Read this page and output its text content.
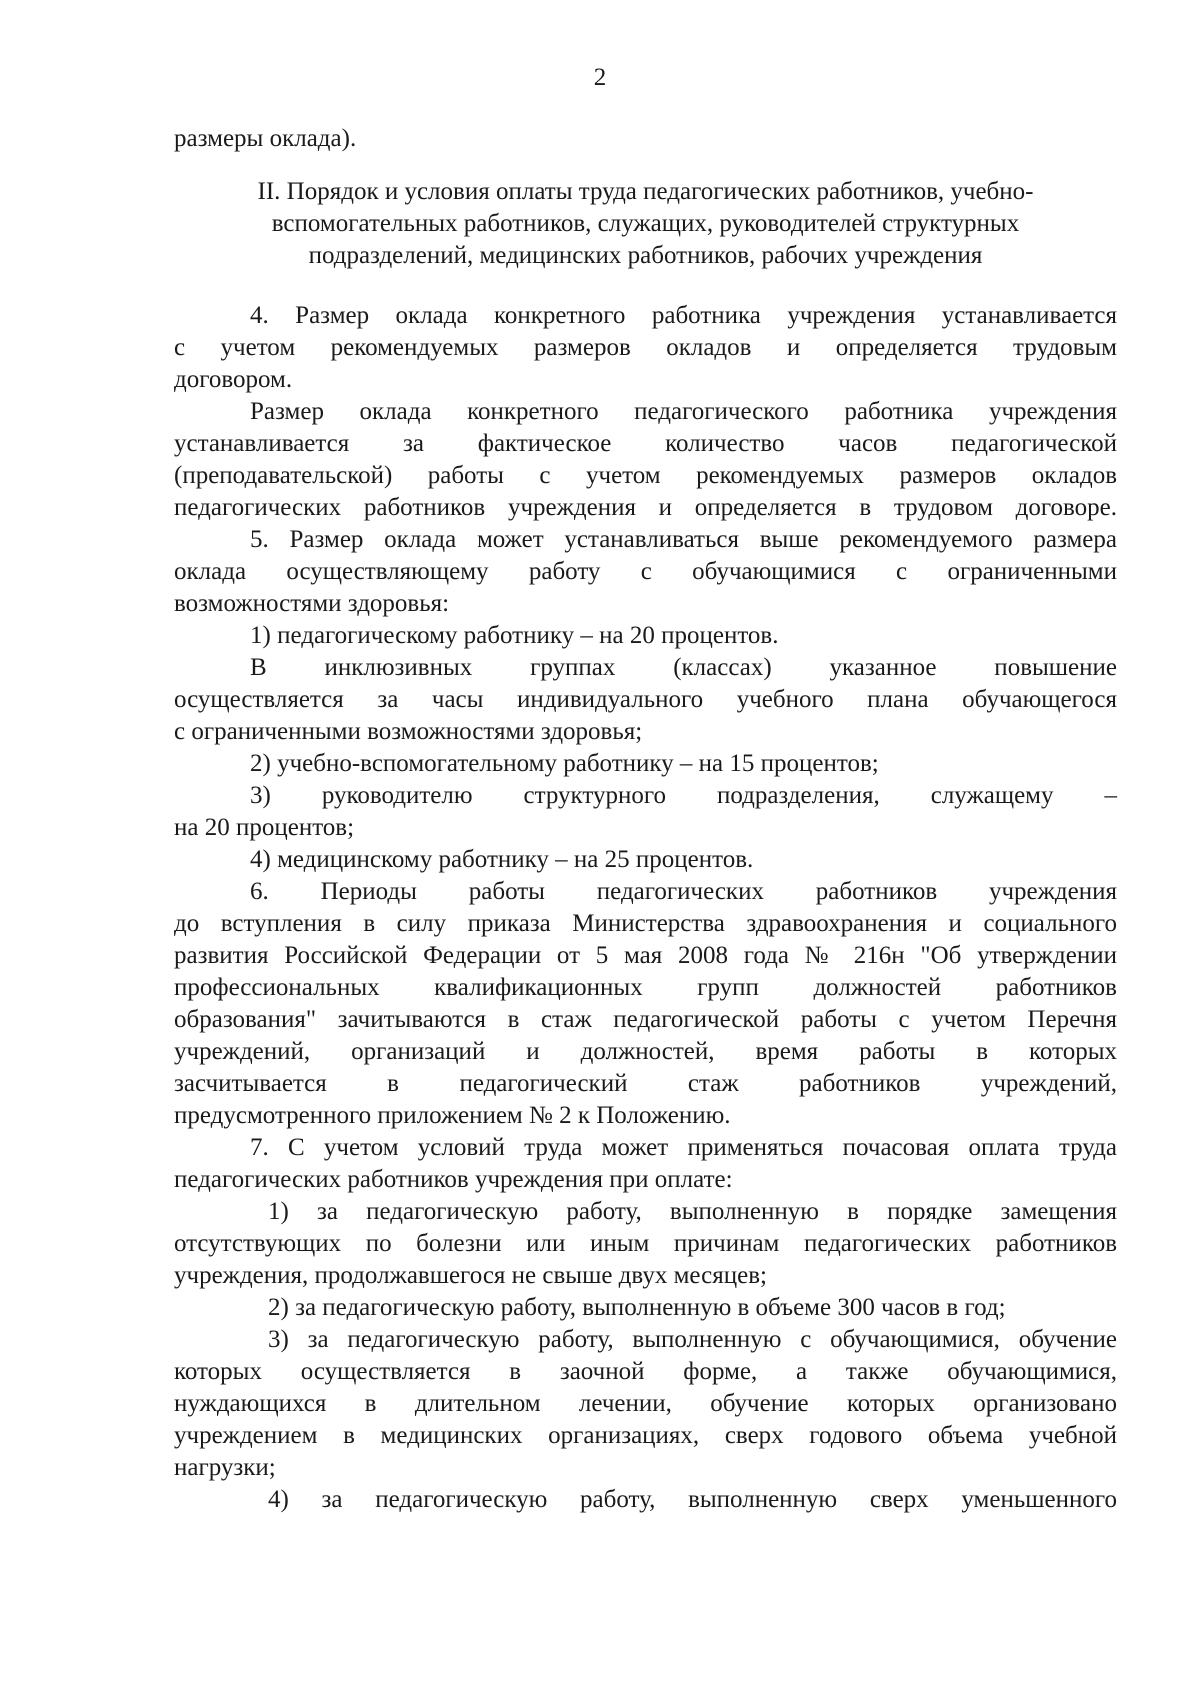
2
размеры оклада).
II. Порядок и условия оплаты труда педагогических работников, учебно-
вспомогательных работников, служащих, руководителей структурных
подразделений, медицинских работников, рабочих учреждения
4. Размер оклада конкретного работника учреждения устанавливается
с учетом рекомендуемых размеров окладов и определяется трудовым
договором.
Размер оклада конкретного педагогического работника учреждения
устанавливается за фактическое количество часов педагогической
(преподавательской) работы с учетом рекомендуемых размеров окладов
педагогических работников учреждения и определяется в трудовом договоре.
5. Размер оклада может устанавливаться выше рекомендуемого размера
оклада осуществляющему работу с обучающимися с ограниченными
возможностями здоровья:
1) педагогическому работнику – на 20 процентов.
В инклюзивных группах (классах) указанное повышение
осуществляется за часы индивидуального учебного плана обучающегося
с ограниченными возможностями здоровья;
2) учебно-вспомогательному работнику – на 15 процентов;
3) руководителю структурного подразделения, служащему –
на 20 процентов;
4) медицинскому работнику – на 25 процентов.
6. Периоды работы педагогических работников учреждения
до вступления в силу приказа Министерства здравоохранения и социального
развития Российской Федерации от 5 мая 2008 года № 216н "Об утверждении
профессиональных квалификационных групп должностей работников
образования" зачитываются в стаж педагогической работы с учетом Перечня
учреждений, организаций и должностей, время работы в которых
засчитывается в педагогический стаж работников учреждений,
предусмотренного приложением № 2 к Положению.
7. С учетом условий труда может применяться почасовая оплата труда
педагогических работников учреждения при оплате:
1) за педагогическую работу, выполненную в порядке замещения
отсутствующих по болезни или иным причинам педагогических работников
учреждения, продолжавшегося не свыше двух месяцев;
2) за педагогическую работу, выполненную в объеме 300 часов в год;
3) за педагогическую работу, выполненную с обучающимися, обучение
которых осуществляется в заочной форме, а также обучающимися,
нуждающихся в длительном лечении, обучение которых организовано
учреждением в медицинских организациях, сверх годового объема учебной
нагрузки;
4) за педагогическую работу, выполненную сверх уменьшенного
